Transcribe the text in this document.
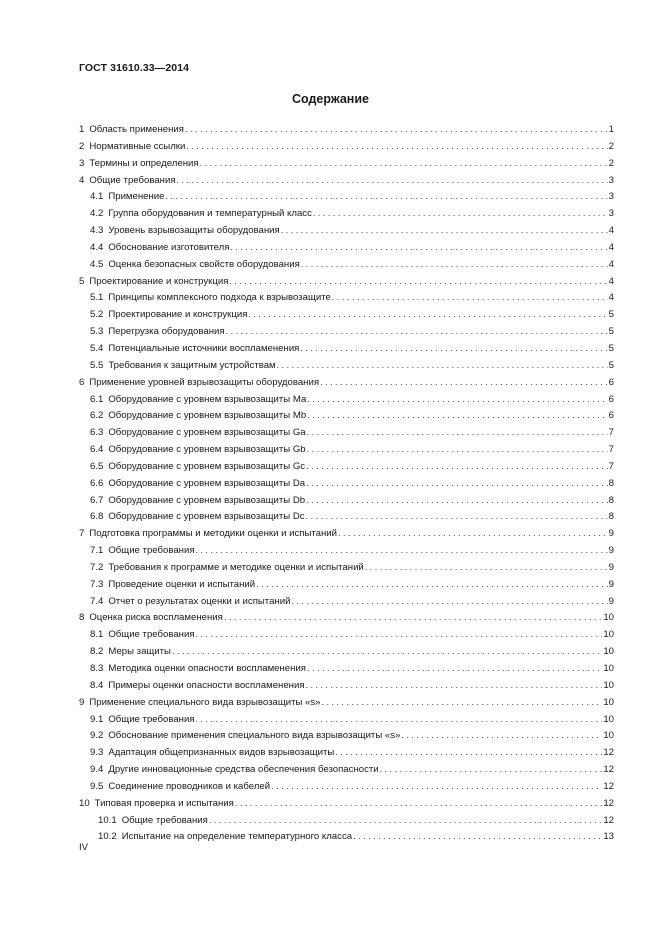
ГОСТ 31610.33—2014
Содержание
1 Область применения . . .	1
2 Нормативные ссылки . . .	2
3 Термины и определения . . .	2
4 Общие требования . . .	3
4.1 Применение . . .	3
4.2 Группа оборудования и температурный класс . . .	3
4.3 Уровень взрывозащиты оборудования . . .	4
4.4 Обоснование изготовителя . . .	4
4.5 Оценка безопасных свойств оборудования . . .	4
5 Проектирование и конструкция . . .	4
5.1 Принципы комплексного подхода к взрывозащите . . .	4
5.2 Проектирование и конструкция . . .	5
5.3 Перегрузка оборудования . . .	5
5.4 Потенциальные источники воспламенения . . .	5
5.5 Требования к защитным устройствам . . .	5
6 Применение уровней взрывозащиты оборудования . . .	6
6.1 Оборудование с уровнем взрывозащиты Ма . . .	6
6.2 Оборудование с уровнем взрывозащиты Mb . . .	6
6.3 Оборудование с уровнем взрывозащиты Ga . . .	7
6.4 Оборудование с уровнем взрывозащиты Gb . . .	7
6.5 Оборудование с уровнем взрывозащиты Gc . . .	7
6.6 Оборудование с уровнем взрывозащиты Da . . .	8
6.7 Оборудование с уровнем взрывозащиты Db . . .	8
6.8 Оборудование с уровнем взрывозащиты Dc . . .	8
7 Подготовка программы и методики оценки и испытаний . . .	9
7.1 Общие требования . . .	9
7.2 Требования к программе и методике оценки и испытаний . . .	9
7.3 Проведение оценки и испытаний . . .	9
7.4 Отчет о результатах оценки и испытаний . . .	9
8 Оценка риска воспламенения . . .	10
8.1 Общие требования . . .	10
8.2 Меры защиты . . .	10
8.3 Методика оценки опасности воспламенения . . .	10
8.4 Примеры оценки опасности воспламенения . . .	10
9 Применение специального вида взрывозащиты «s» . . .	10
9.1 Общие требования . . .	10
9.2 Обоснование применения специального вида взрывозащиты «s» . . .	10
9.3 Адаптация общепризнанных видов взрывозащиты . . .	12
9.4 Другие инновационные средства обеспечения безопасности . . .	12
9.5 Соединение проводников и кабелей . . .	12
10 Типовая проверка и испытания . . .	12
10.1 Общие требования . . .	12
10.2 Испытание на определение температурного класса . . .	13
IV
